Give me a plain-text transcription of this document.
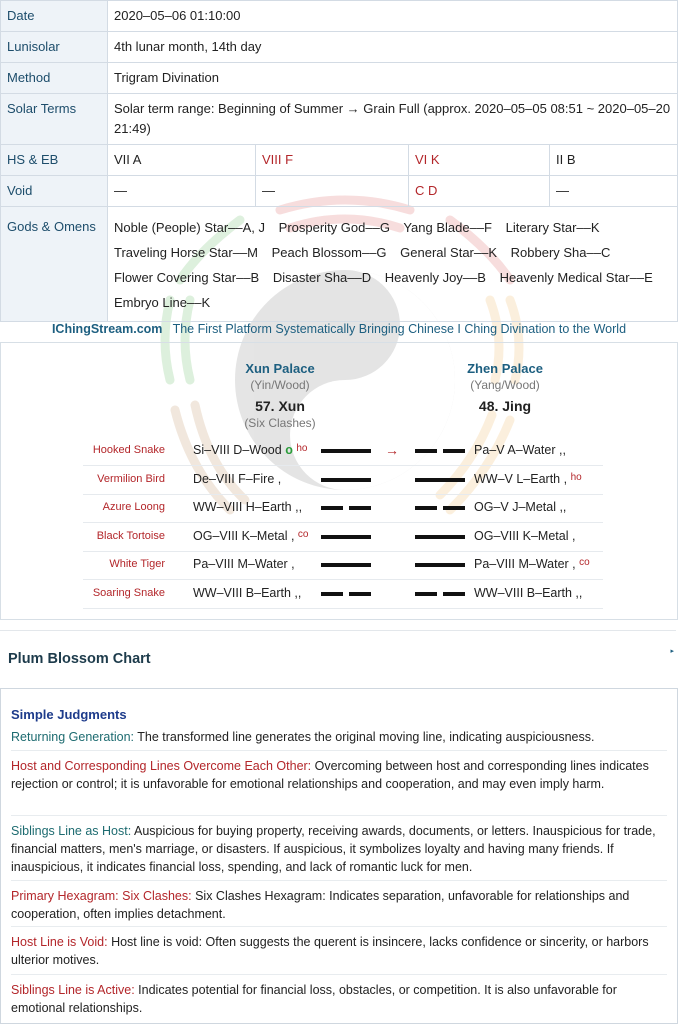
Date	2020–05–06 01:10:00			
Lunisolar	4th lunar month, 14th day			
Method	Trigram Divination			
Solar Terms	Solar term range: Beginning of Summer → Grain Full (approx. 2020–05–05 08:51 ~ 2020–05–20 21:49)			
HS & EB	VII A	VIII F	VI K	II B
Void	—	—	C D	—
Gods & Omens	Noble (People) Star––A, J Prosperity God––G Yang Blade––F Literary Star––K
Traveling Horse Star––M Peach Blossom––G General Star––K Robbery Sha––C
Flower Covering Star––B Disaster Sha––D Heavenly Joy––B Heavenly Medical Star––E
Embryo Line––K			
IChingStream.com The First Platform Systematically Bringing Chinese I Ching Divination to the World
Xun Palace
(Yin/Wood)
57. Xun
(Six Clashes)
Zhen Palace
(Yang/Wood)
48. Jing
Hooked Snake Si–VIII D–Wood o $^{ho}$	→	Pa–V A–Water ,,
Vermilion Bird De–VIII F–Fire ,	WW–V L–Earth , $^{ho}$
Azure Loong WW–VIII H–Earth ,,	OG–V J–Metal ,,
Black Tortoise OG–VIII K–Metal , $^{co}$	OG–VIII K–Metal ,
White Tiger Pa–VIII M–Water ,	Pa–VIII M–Water , $^{co}$
Soaring Snake WW–VIII B–Earth ,,	WW–VIII B–Earth ,,
Plum Blossom Chart	▸
Simple Judgments
Returning Generation: The transformed line generates the original moving line, indicating auspiciousness.
Host and Corresponding Lines Overcome Each Other: Overcoming between host and corresponding lines indicates rejection or control; it is unfavorable for emotional relationships and cooperation, and may even imply harm.
Siblings Line as Host: Auspicious for buying property, receiving awards, documents, or letters. Inauspicious for trade, financial matters, men's marriage, or disasters. If auspicious, it symbolizes loyalty and having many friends. If inauspicious, it indicates financial loss, spending, and lack of romantic luck for men.
Primary Hexagram: Six Clashes: Six Clashes Hexagram: Indicates separation, unfavorable for relationships and cooperation, often implies detachment.
Host Line is Void: Host line is void: Often suggests the querent is insincere, lacks confidence or sincerity, or harbors ulterior motives.
Siblings Line is Active: Indicates potential for financial loss, obstacles, or competition. It is also unfavorable for emotional relationships.
